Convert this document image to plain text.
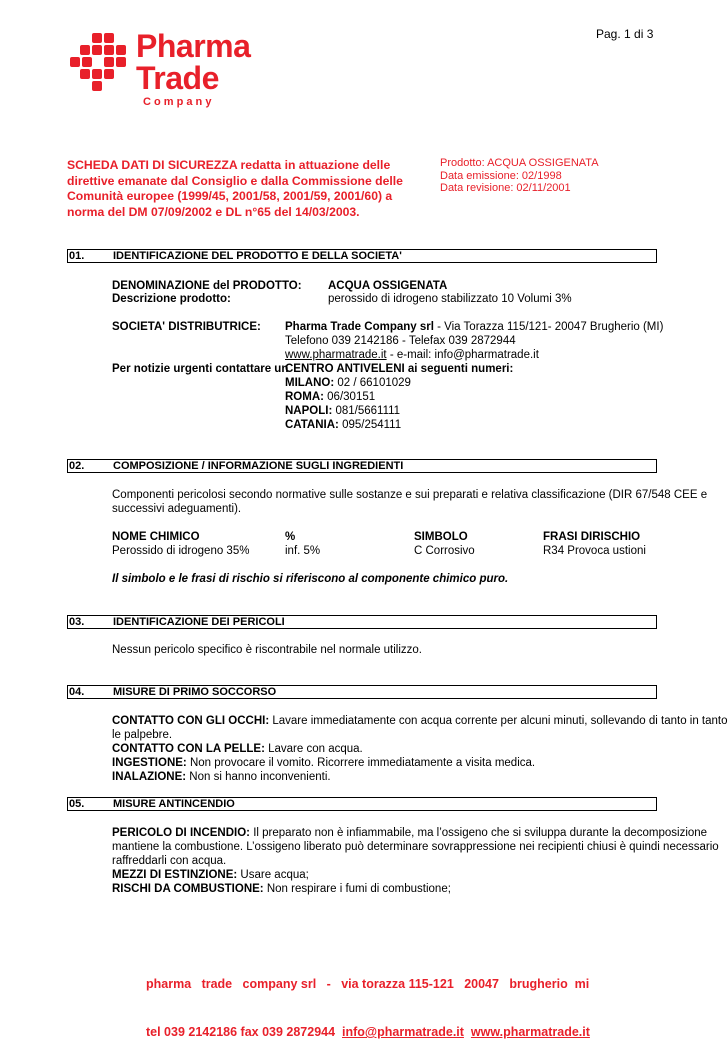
Pag. 1 di 3
Pharma
Trade
C o m p a n y
SCHEDA DATI DI SICUREZZA redatta in attuazione delle
direttive emanate dal Consiglio e dalla Commissione delle
Comunità europee (1999/45, 2001/58, 2001/59, 2001/60) a
norma del DM 07/09/2002 e DL n°65 del 14/03/2003.
Prodotto: ACQUA OSSIGENATA
Data emissione: 02/1998
Data revisione: 02/11/2001
01.	IDENTIFICAZIONE DEL PRODOTTO E DELLA SOCIETA'
DENOMINAZIONE del PRODOTTO: ACQUA OSSIGENATA
Descrizione prodotto:	perossido di idrogeno stabilizzato 10 Volumi 3%
SOCIETA' DISTRIBUTRICE: Pharma Trade Company srl - Via Torazza 115/121- 20047 Brugherio (MI)
Telefono 039 2142186 - Telefax 039 2872944
www.pharmatrade.it - e-mail: info@pharmatrade.it
Per notizie urgenti contattare un
CENTRO ANTIVELENI ai seguenti numeri:
MILANO: 02 / 66101029
ROMA: 06/30151
NAPOLI: 081/5661111
CATANIA: 095/254111
02.	COMPOSIZIONE / INFORMAZIONE SUGLI INGREDIENTI
Componenti pericolosi secondo normative sulle sostanze e sui preparati e relativa classificazione (DIR 67/548 CEE e
successivi adeguamenti).
NOME CHIMICO	%	SIMBOLO	FRASI DIRISCHIO
Perossido di idrogeno 35%	inf. 5%	C Corrosivo	R34 Provoca ustioni
Il simbolo e le frasi di rischio si riferiscono al componente chimico puro.
03.	IDENTIFICAZIONE DEI PERICOLI
Nessun pericolo specifico è riscontrabile nel normale utilizzo.
04.	MISURE DI PRIMO SOCCORSO
CONTATTO CON GLI OCCHI: Lavare immediatamente con acqua corrente per alcuni minuti, sollevando di tanto in tanto
le palpebre.
CONTATTO CON LA PELLE: Lavare con acqua.
INGESTIONE: Non provocare il vomito. Ricorrere immediatamente a visita medica.
INALAZIONE: Non si hanno inconvenienti.
05.	MISURE ANTINCENDIO
PERICOLO DI INCENDIO: Il preparato non è infiammabile, ma l’ossigeno che si sviluppa durante la decomposizione
mantiene la combustione. L’ossigeno liberato può determinare sovrappressione nei recipienti chiusi è quindi necessario
raffreddarli con acqua.
MEZZI DI ESTINZIONE: Usare acqua;
RISCHI DA COMBUSTIONE: Non respirare i fumi di combustione;

pharma   trade   company srl   -   via torazza 115-121   20047   brugherio  mi

tel 039 2142186 fax 039 2872944  info@pharmatrade.it www.pharmatrade.it
